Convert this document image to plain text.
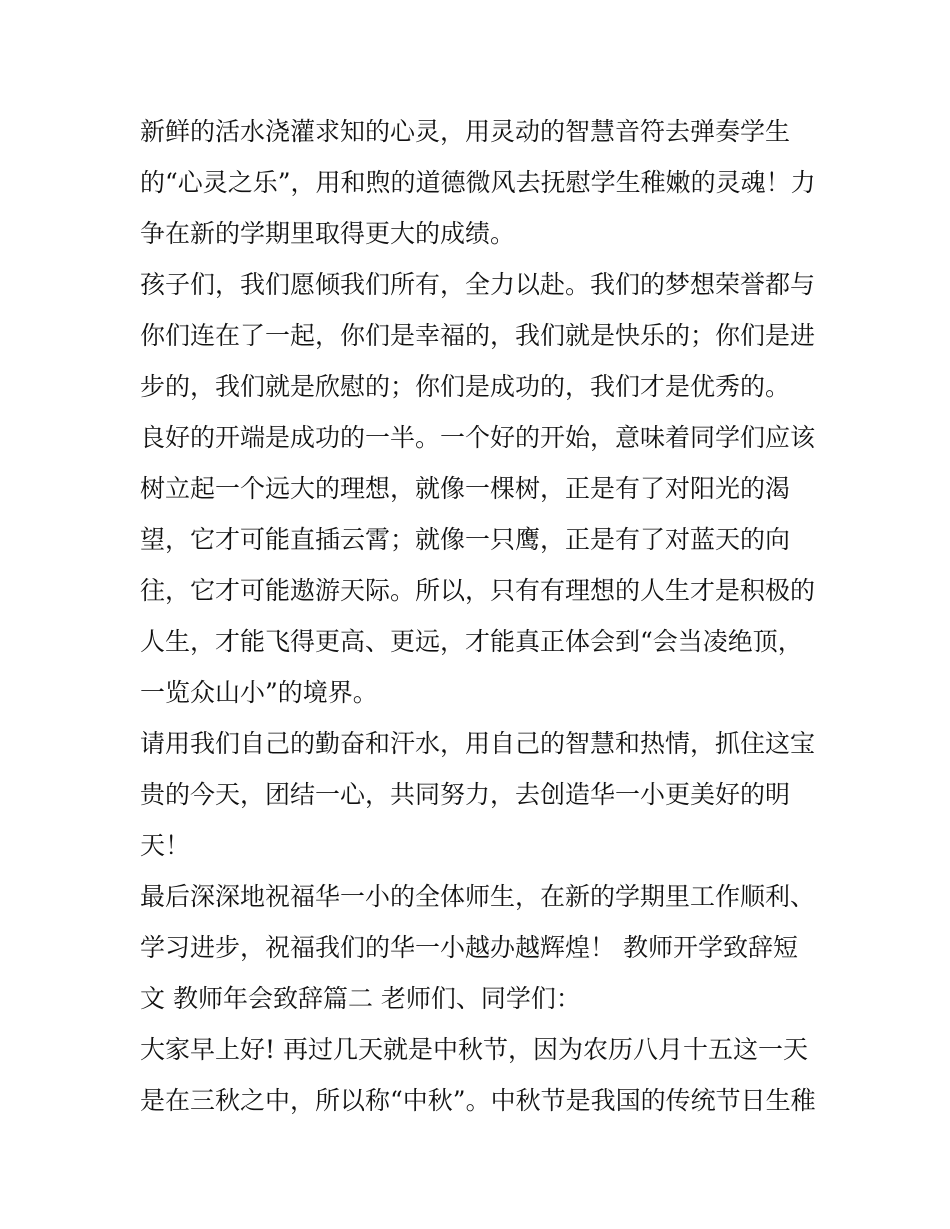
新鲜的活水浇灌求知的心灵，用灵动的智慧音符去弹奏学生
的“心灵之乐”，用和煦的道德微风去抚慰学生稚嫩的灵魂！力
争在新的学期里取得更大的成绩。
孩子们，我们愿倾我们所有，全力以赴。我们的梦想荣誉都与
你们连在了一起，你们是幸福的，我们就是快乐的；你们是进
步的，我们就是欣慰的；你们是成功的，我们才是优秀的。
良好的开端是成功的一半。一个好的开始，意味着同学们应该
树立起一个远大的理想，就像一棵树，正是有了对阳光的渴
望，它才可能直插云霄；就像一只鹰，正是有了对蓝天的向
往，它才可能遨游天际。所以，只有有理想的人生才是积极的
人生，才能飞得更高、更远，才能真正体会到“会当凌绝顶，
一览众山小”的境界。
请用我们自己的勤奋和汗水，用自己的智慧和热情，抓住这宝
贵的今天，团结一心，共同努力，去创造华一小更美好的明
天！
最后深深地祝福华一小的全体师生，在新的学期里工作顺利、
学习进步，祝福我们的华一小越办越辉煌！ 教师开学致辞短
文 教师年会致辞篇二 老师们、同学们：
大家早上好! 再过几天就是中秋节，因为农历八月十五这一天
是在三秋之中，所以称“中秋”。中秋节是我国的传统节日生稚
